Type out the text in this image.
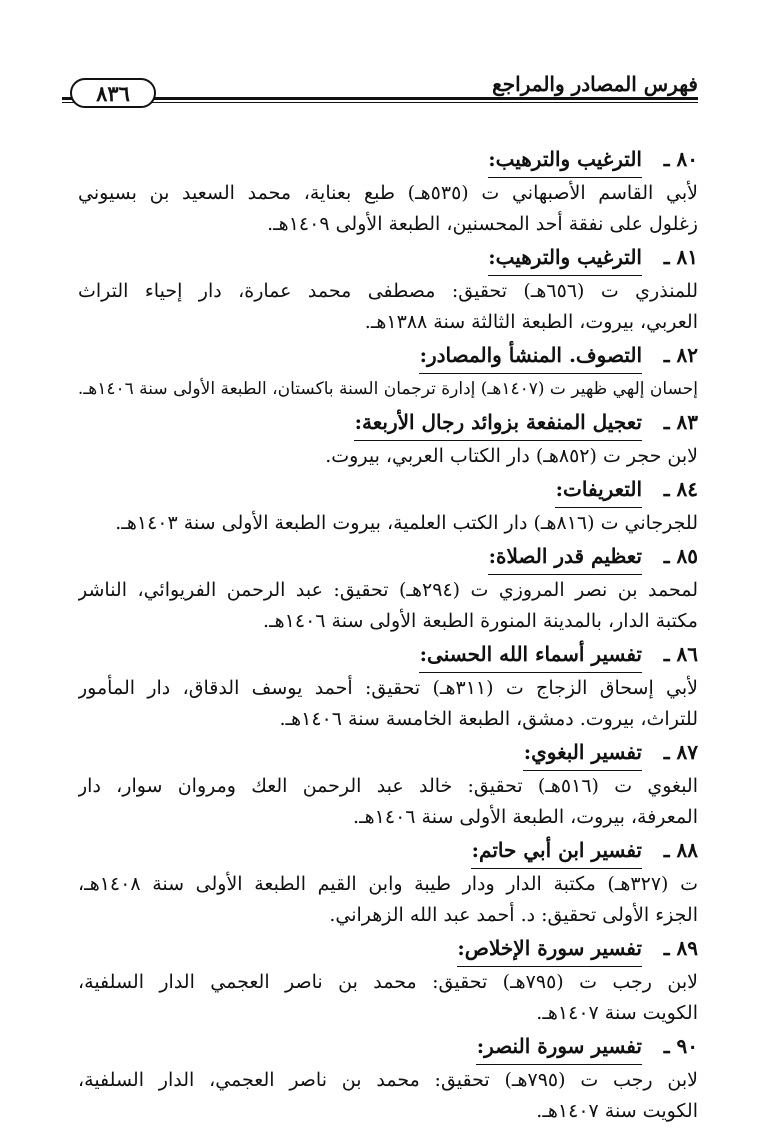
فهرس المصادر والمراجع
٨٣٦
٨٠ ـ
الترغيب والترهيب:
لأبي القاسم الأصبهاني ت (٥٣٥هـ) طبع بعناية، محمد السعيد بن بسيوني
زغلول على نفقة أحد المحسنين، الطبعة الأولى ١٤٠٩هـ.
٨١ ـ
الترغيب والترهيب:
للمنذري ت (٦٥٦هـ) تحقيق: مصطفى محمد عمارة، دار إحياء التراث
العربي، بيروت، الطبعة الثالثة سنة ١٣٨٨هـ.
٨٢ ـ
التصوف. المنشأ والمصادر:
إحسان إلهي ظهير ت (١٤٠٧هـ) إدارة ترجمان السنة باكستان، الطبعة الأولى سنة ١٤٠٦هـ.
٨٣ ـ
تعجيل المنفعة بزوائد رجال الأربعة:
لابن حجر ت (٨٥٢هـ) دار الكتاب العربي، بيروت.
٨٤ ـ
التعريفات:
للجرجاني ت (٨١٦هـ) دار الكتب العلمية، بيروت الطبعة الأولى سنة ١٤٠٣هـ.
٨٥ ـ
تعظيم قدر الصلاة:
لمحمد بن نصر المروزي ت (٢٩٤هـ) تحقيق: عبد الرحمن الفريوائي، الناشر
مكتبة الدار، بالمدينة المنورة الطبعة الأولى سنة ١٤٠٦هـ.
٨٦ ـ
تفسير أسماء الله الحسنى:
لأبي إسحاق الزجاج ت (٣١١هـ) تحقيق: أحمد يوسف الدقاق، دار المأمور
للتراث، بيروت. دمشق، الطبعة الخامسة سنة ١٤٠٦هـ.
٨٧ ـ
تفسير البغوي:
البغوي ت (٥١٦هـ) تحقيق: خالد عبد الرحمن العك ومروان سوار، دار
المعرفة، بيروت، الطبعة الأولى سنة ١٤٠٦هـ.
٨٨ ـ
تفسير ابن أبي حاتم:
ت (٣٢٧هـ) مكتبة الدار ودار طيبة وابن القيم الطبعة الأولى سنة ١٤٠٨هـ،
الجزء الأولى تحقيق: د. أحمد عبد الله الزهراني.
٨٩ ـ
تفسير سورة الإخلاص:
لابن رجب ت (٧٩٥هـ) تحقيق: محمد بن ناصر العجمي الدار السلفية،
الكويت سنة ١٤٠٧هـ.
٩٠ ـ
تفسير سورة النصر:
لابن رجب ت (٧٩٥هـ) تحقيق: محمد بن ناصر العجمي، الدار السلفية،
الكويت سنة ١٤٠٧هـ.
